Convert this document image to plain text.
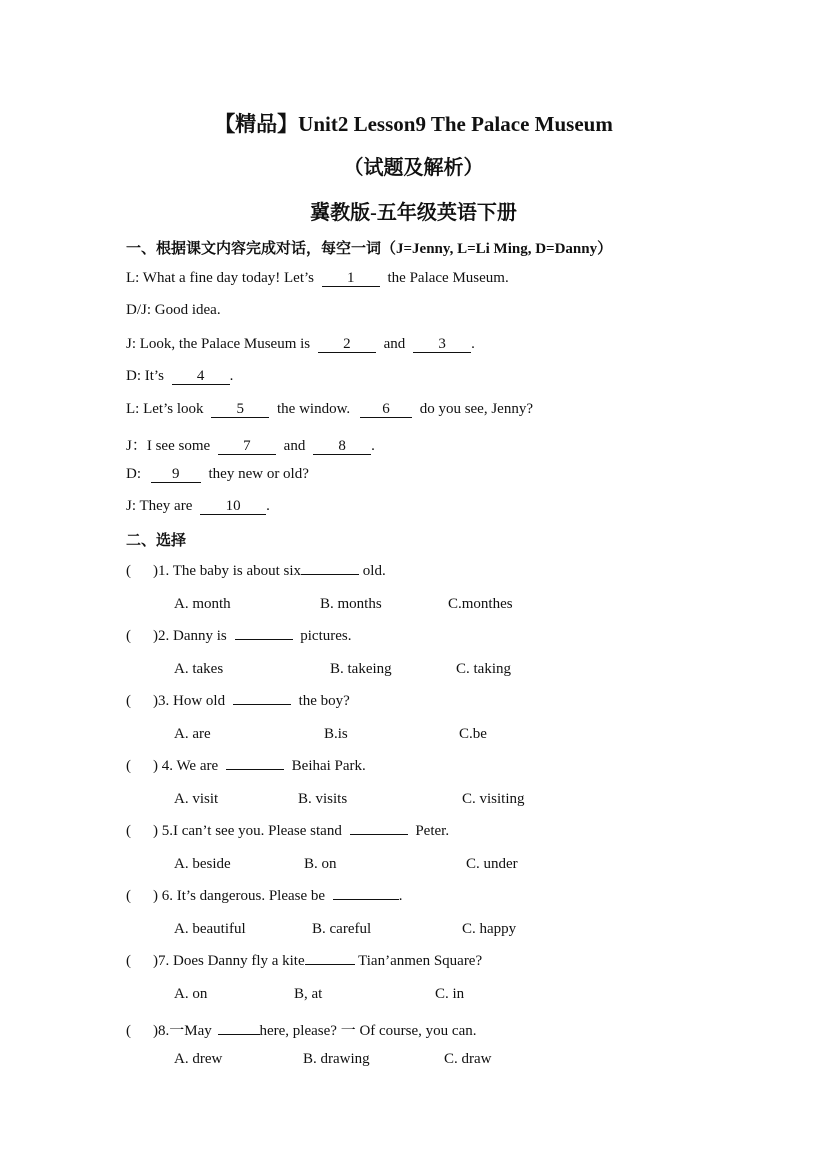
【精品】Unit2 Lesson9 The Palace Museum
（试题及解析）
冀教版-五年级英语下册
一、根据课文内容完成对话，每空一词（J=Jenny, L=Li Ming, D=Danny）
L: What a fine day today! Let’s 1 the Palace Museum.
D/J: Good idea.
J: Look, the Palace Museum is 2 and 3 .
D: It’s 4 .
L: Let’s look 5 the window. 6 do you see, Jenny?
J：I see some 7 and 8 .
D: 9 they new or old?
J: They are 10 .
二、选择
( )1. The baby is about six	old.
A. month	B. months	C.monthes
( )2. Danny is	pictures.
A. takes	B. takeing	C. taking
( )3. How old	the boy?
A. are	B.is	C.be
( ) 4. We are	Beihai Park.
A. visit	B. visits	C. visiting
( ) 5.I can’t see you. Please stand	Peter.
A. beside	B. on	C. under
( ) 6. It’s dangerous. Please be	.
A. beautiful	B. careful	C. happy
( )7. Does Danny fly a kite	Tian’anmen Square?
A. on	B, at	C. in
( )8.一May	here, please? 一 Of course, you can.
A. drew	B. drawing	C. draw
